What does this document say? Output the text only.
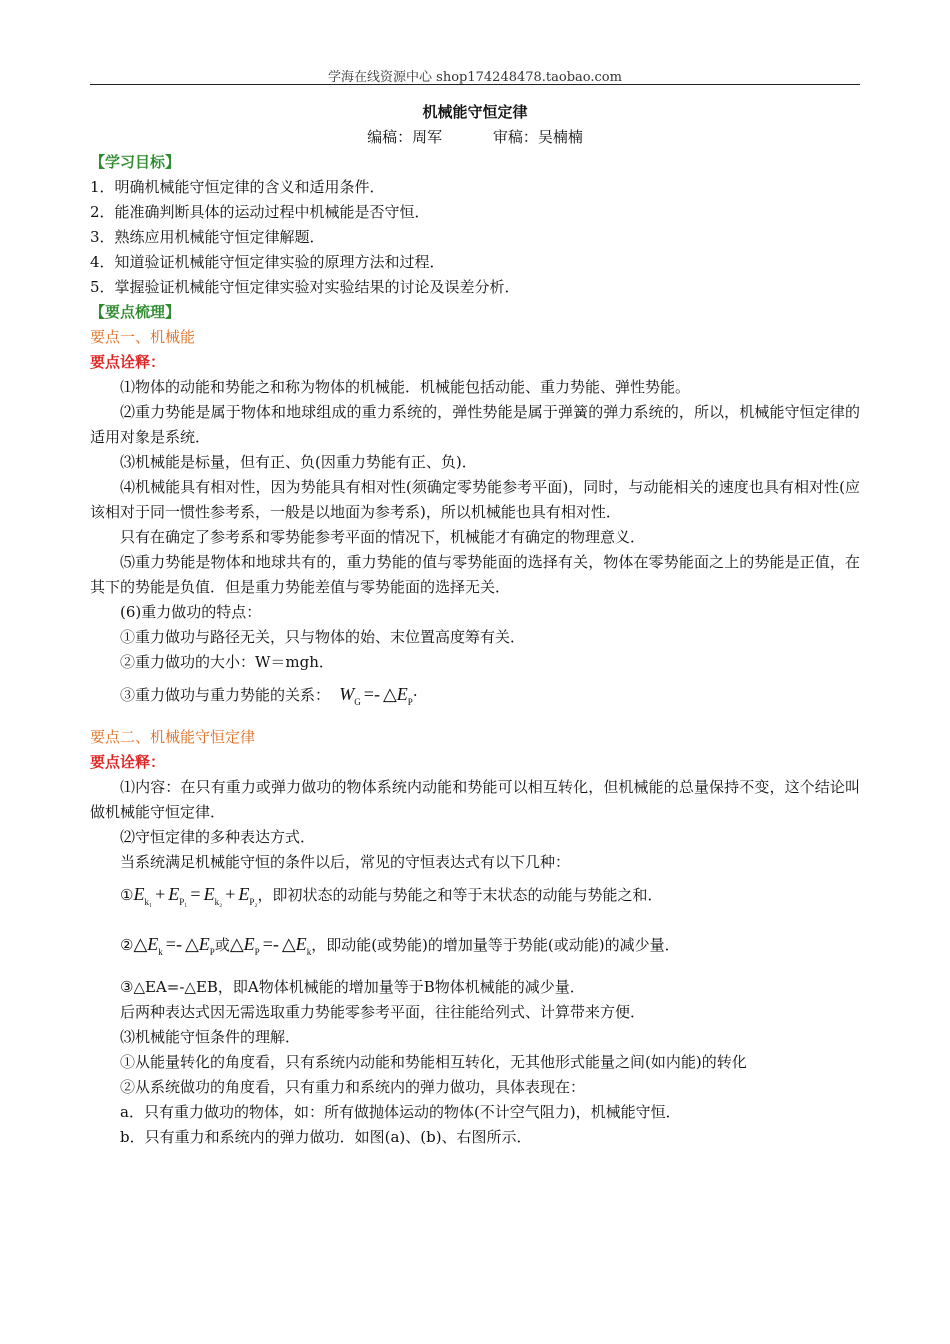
学海在线资源中心 shop174248478.taobao.com
机械能守恒定律
编稿：周军	审稿：吴楠楠
【学习目标】
1．明确机械能守恒定律的含义和适用条件．
2．能准确判断具体的运动过程中机械能是否守恒．
3．熟练应用机械能守恒定律解题．
4．知道验证机械能守恒定律实验的原理方法和过程．
5．掌握验证机械能守恒定律实验对实验结果的讨论及误差分析．
【要点梳理】
要点一、机械能
要点诠释：
⑴物体的动能和势能之和称为物体的机械能．机械能包括动能、重力势能、弹性势能。
⑵重力势能是属于物体和地球组成的重力系统的，弹性势能是属于弹簧的弹力系统的，所以，机械能守恒定律的适用对象是系统．
⑶机械能是标量，但有正、负(因重力势能有正、负)．
⑷机械能具有相对性，因为势能具有相对性(须确定零势能参考平面)，同时，与动能相关的速度也具有相对性(应该相对于同一惯性参考系，一般是以地面为参考系)，所以机械能也具有相对性．
只有在确定了参考系和零势能参考平面的情况下，机械能才有确定的物理意义．
⑸重力势能是物体和地球共有的，重力势能的值与零势能面的选择有关，物体在零势能面之上的势能是正值，在其下的势能是负值．但是重力势能差值与零势能面的选择无关．
(6)重力做功的特点：
①重力做功与路径无关，只与物体的始、末位置高度筹有关．
②重力做功的大小：W＝mgh．
③重力做功与重力势能的关系：  $W_G$ =- $\triangle E_P\cdot$
要点二、机械能守恒定律
要点诠释：
⑴内容：在只有重力或弹力做功的物体系统内动能和势能可以相互转化，但机械能的总量保持不变，这个结论叫做机械能守恒定律．
⑵守恒定律的多种表达方式．
当系统满足机械能守恒的条件以后，常见的守恒表达式有以下几种：
$①E_{k_1} + E_{P_1} = E_{k_2} + E_{P_2}$，即初状态的动能与势能之和等于末状态的动能与势能之和．
$②\triangle E_k$ =- $\triangle E_P$或$\triangle E_P$ =- $\triangle E_k$，即动能(或势能)的增加量等于势能(或动能)的减少量．
③△EA=-△EB，即A物体机械能的增加量等于B物体机械能的减少量．
后两种表达式因无需选取重力势能零参考平面，往往能给列式、计算带来方便．
⑶机械能守恒条件的理解．
①从能量转化的角度看，只有系统内动能和势能相互转化，无其他形式能量之间(如内能)的转化
②从系统做功的角度看，只有重力和系统内的弹力做功，具体表现在：
a．只有重力做功的物体，如：所有做抛体运动的物体(不计空气阻力)，机械能守恒．
b．只有重力和系统内的弹力做功．如图(a)、(b)、右图所示．
